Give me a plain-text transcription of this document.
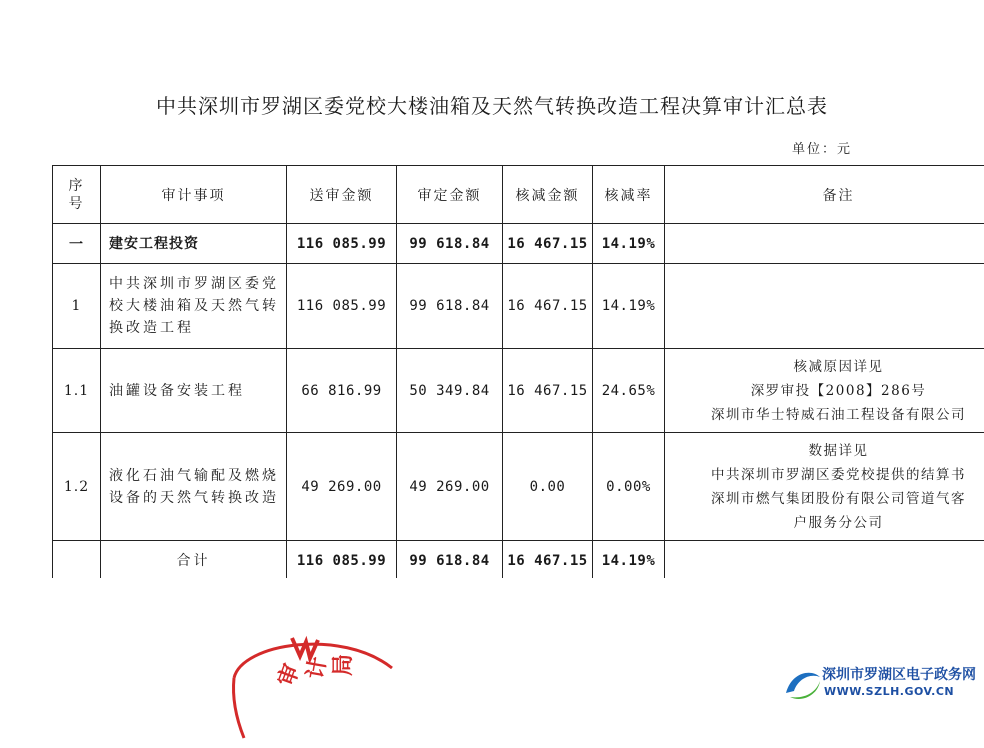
中共深圳市罗湖区委党校大楼油箱及天然气转换改造工程决算审计汇总表
单位：元
序
号	审计事项	送审金额	审定金额	核减金额	核减率	备注
一	建安工程投资	116 085.99	99 618.84	16 467.15	14.19%	
1	中共深圳市罗湖区委党校大楼油箱及天然气转换改造工程	116 085.99	99 618.84	16 467.15	14.19%	
1.1	油罐设备安装工程	66 816.99	50 349.84	16 467.15	24.65%	核减原因详见
深罗审投【2008】286号
深圳市华士特威石油工程设备有限公司

1.2	液化石油气输配及燃烧设备的天然气转换改造	49 269.00	49 269.00	0.00	0.00%	数据详见
中共深圳市罗湖区委党校提供的结算书
深圳市燃气集团股份有限公司管道气客
户服务分公司

	合计	116 085.99	99 618.84	16 467.15	14.19%	
审
计 局	深圳市罗湖区电子政务网
WWW.SZLH.GOV.CN
